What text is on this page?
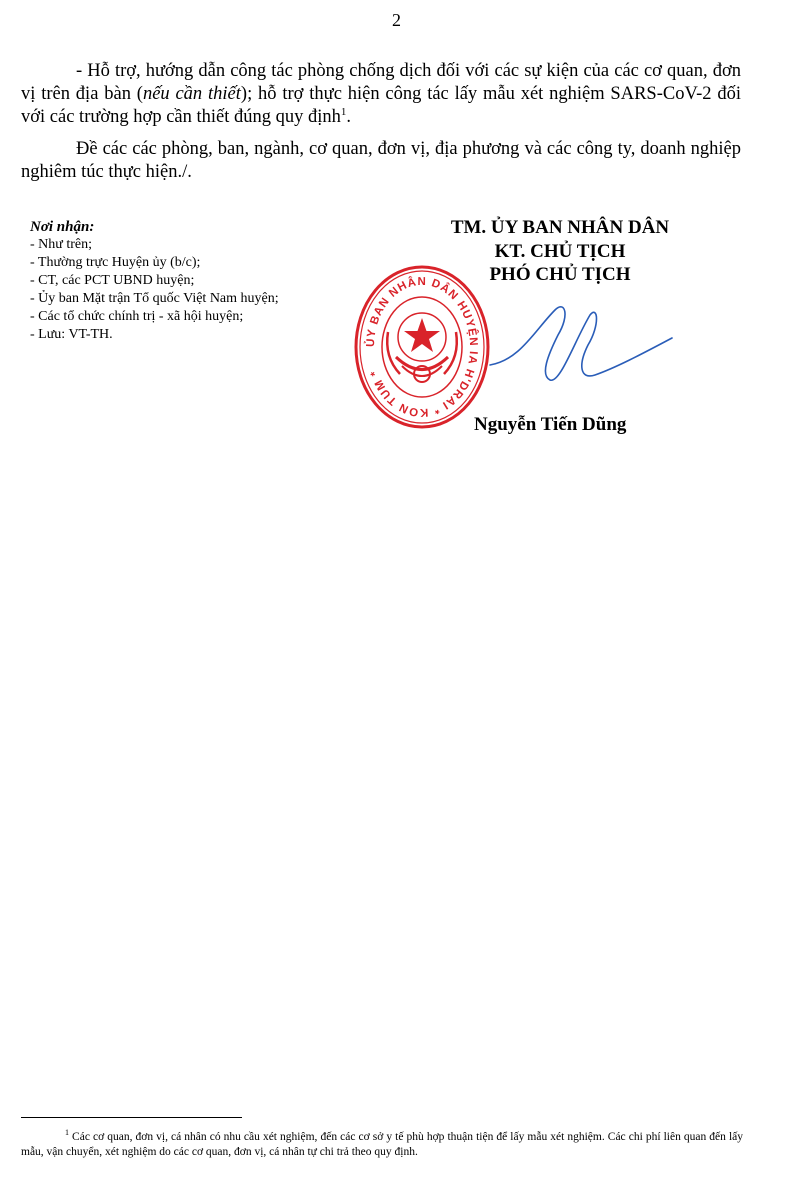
2

- Hỗ trợ, hướng dẫn công tác phòng chống dịch đối với các sự kiện của các cơ quan, đơn vị trên địa bàn (nếu cần thiết); hỗ trợ thực hiện công tác lấy mẫu xét nghiệm SARS-CoV-2 đối với các trường hợp cần thiết đúng quy định$^1$.

Đề các các phòng, ban, ngành, cơ quan, đơn vị, địa phương và các công ty, doanh nghiệp nghiêm túc thực hiện./.

Nơi nhận:
- Như trên;
- Thường trực Huyện ủy (b/c);
- CT, các PCT UBND huyện;
- Ủy ban Mặt trận Tổ quốc Việt Nam huyện;
- Các tổ chức chính trị - xã hội huyện;
- Lưu: VT-TH.
TM. ỦY BAN NHÂN DÂN
KT. CHỦ TỊCH
PHÓ CHỦ TỊCH
ỦY BAN NHÂN DÂN HUYỆN IA H'DRAI * KON TUM *
Nguyễn Tiến Dũng
$^1$ Các cơ quan, đơn vị, cá nhân có nhu cầu xét nghiệm, đến các cơ sở y tế phù hợp thuận tiện để lấy mẫu xét nghiệm. Các chi phí liên quan đến lấy mẫu, vận chuyển, xét nghiệm do các cơ quan, đơn vị, cá nhân tự chi trả theo quy định.
